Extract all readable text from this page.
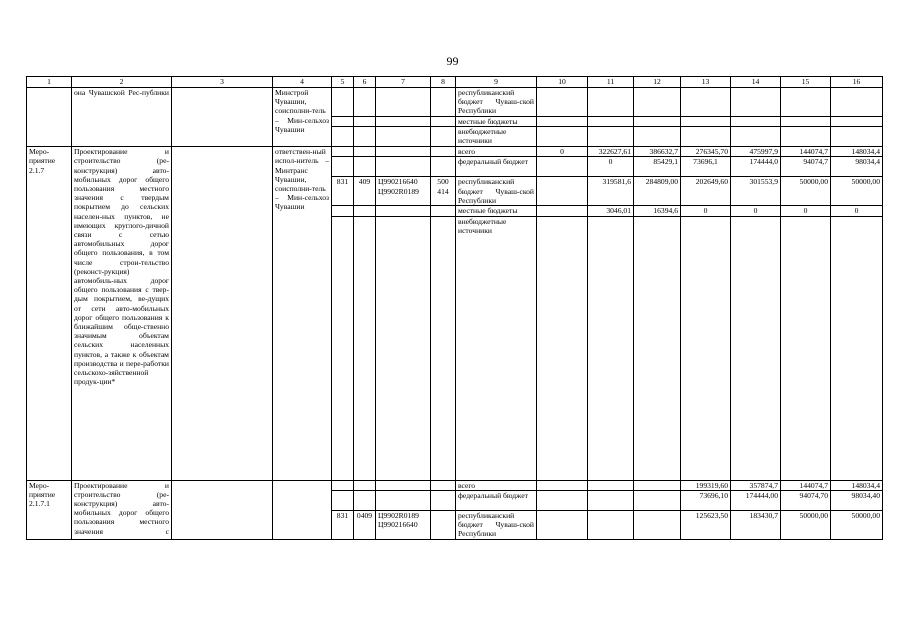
99
1	2	3	4	5	6	7	8	9	10	11	12	13	14	15	16
	она Чувашской Рес-публики		Минстрой Чувашии, соисполни-тель – Мин-сельхоз Чувашии					республиканский бюджет Чуваш-ской Республики							
								местные бюджеты							
								внебюджетные источники							
Меро-приятие 2.1.7	Проектирование и строительство (ре-конструкция) авто-мобильных дорог общего пользования местного значения с твердым покрытием до сельских населен-ных пунктов, не имеющих круглого-дичной связи с сетью автомобильных дорог общего пользования, в том числе строи-тельство (реконст-рукция) автомобиль-ных дорог общего пользования с твер-дым покрытием, ве-дущих от сети авто-мобильных дорог общего пользования к ближайшим обще-ственно значимым объектам сельских населенных пунктов, а также к объектам производства и пере-работки сельскохо-зяйственной продук-ции*		ответствен-ный испол-нитель – Минтранс Чувашии, соисполни-тель – Мин-сельхоз Чувашии					всего	0	322627,61	386632,7	276345,70	475997,9	144074,7	148034,4
								федеральный бюджет		0	85429,1	73696,1	174444,0	94074,7	98034,4
				831	409	Ц990216640 Ц9902R0189	500 414	республиканский бюджет Чуваш-ской Республики		319581,6	284809,00	202649,60	301553,9	50000,00	50000,00
								местные бюджеты		3046,01	16394,6	0	0	0	0
								внебюджетные источники							
Меро-приятие 2.1.7.1	Проектирование и строительство (ре-конструкция) авто-мобильных дорог общего пользования местного значения с							всего				199319,60	357874,7	144074,7	148034,4
								федеральный бюджет				73696,10	174444,00	94074,70	98034,40
				831	0409	Ц9902R0189 Ц990216640		республиканский бюджет Чуваш-ской Республики				125623,50	183430,7	50000,00	50000,00
